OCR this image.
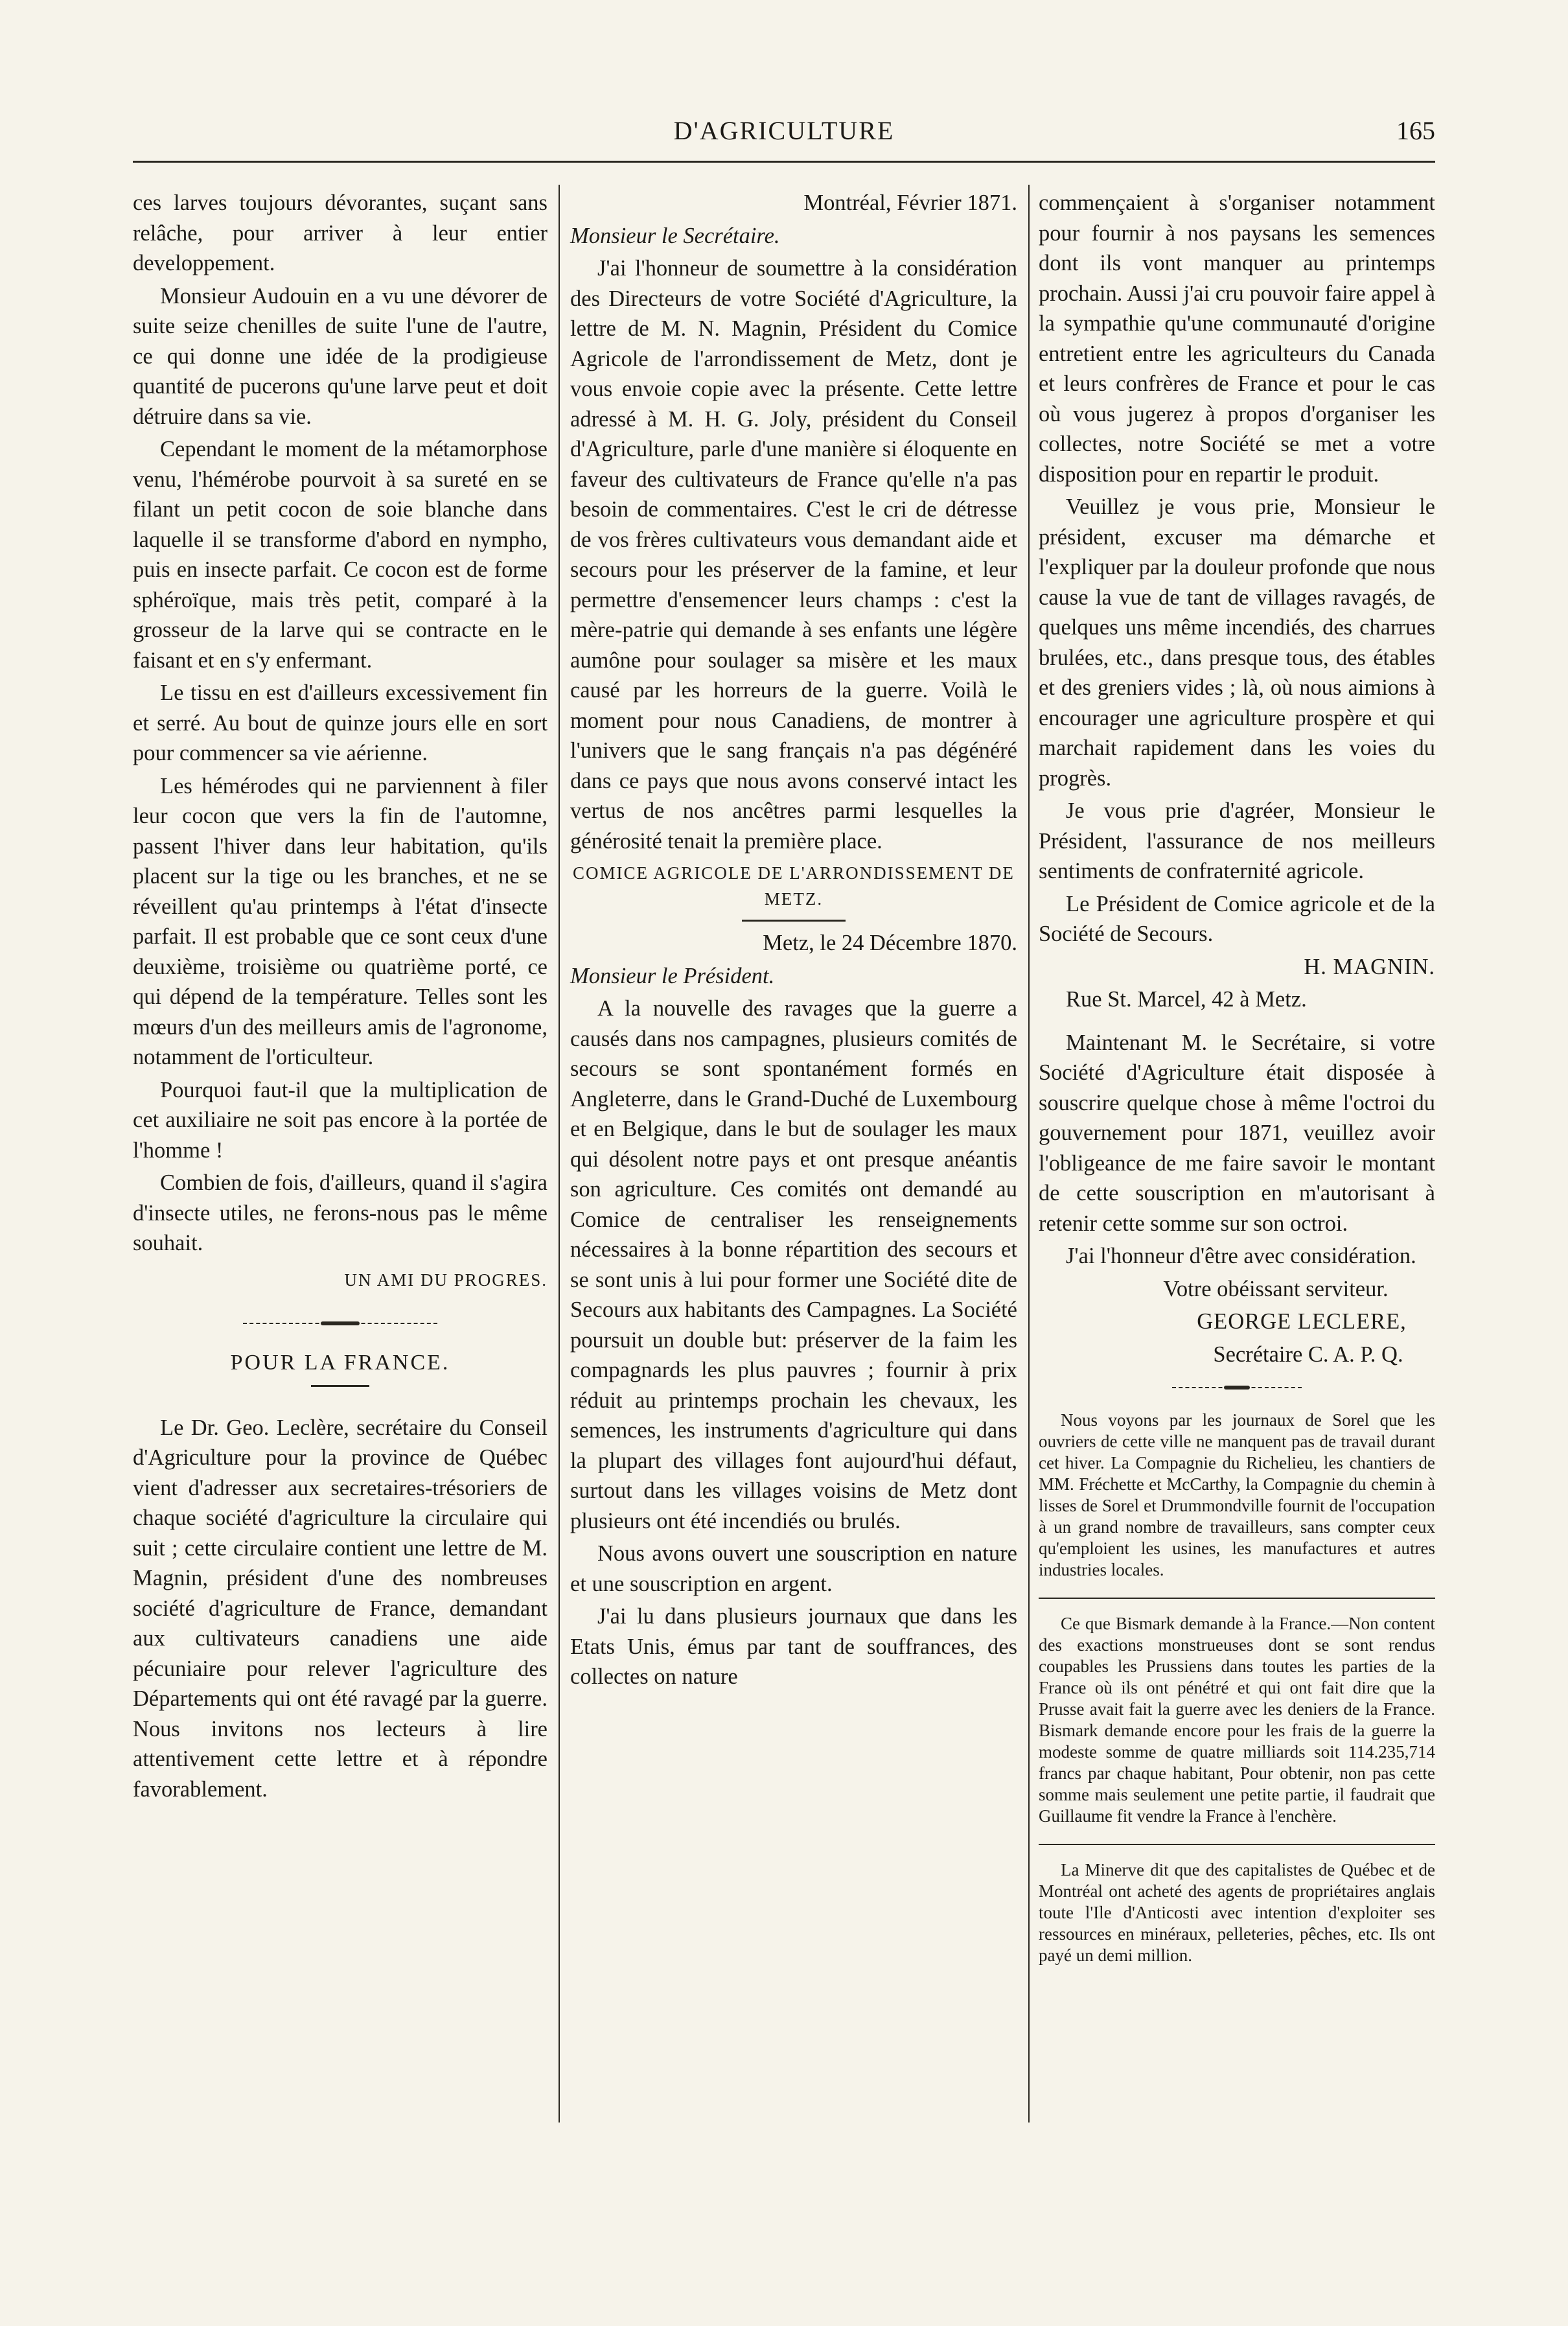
D'AGRICULTURE	165

ces larves toujours dévorantes, suçant sans relâche, pour arriver à leur entier developpement.

Monsieur Audouin en a vu une dévorer de suite seize chenilles de suite l'une de l'autre, ce qui donne une idée de la prodigieuse quantité de pucerons qu'une larve peut et doit détruire dans sa vie.

Cependant le moment de la métamorphose venu, l'hémérobe pourvoit à sa sureté en se filant un petit cocon de soie blanche dans laquelle il se transforme d'abord en nympho, puis en insecte parfait. Ce cocon est de forme sphéroïque, mais très petit, comparé à la grosseur de la larve qui se contracte en le faisant et en s'y enfermant.

Le tissu en est d'ailleurs excessivement fin et serré. Au bout de quinze jours elle en sort pour commencer sa vie aérienne.

Les hémérodes qui ne parviennent à filer leur cocon que vers la fin de l'automne, passent l'hiver dans leur habitation, qu'ils placent sur la tige ou les branches, et ne se réveillent qu'au printemps à l'état d'insecte parfait. Il est probable que ce sont ceux d'une deuxième, troisième ou quatrième porté, ce qui dépend de la température. Telles sont les mœurs d'un des meilleurs amis de l'agronome, notamment de l'orticulteur.

Pourquoi faut-il que la multiplication de cet auxiliaire ne soit pas encore à la portée de l'homme !

Combien de fois, d'ailleurs, quand il s'agira d'insecte utiles, ne ferons-nous pas le même souhait.

UN AMI DU PROGRES.

POUR LA FRANCE.

Le Dr. Geo. Leclère, secrétaire du Conseil d'Agriculture pour la province de Québec vient d'adresser aux secretaires-trésoriers de chaque société d'agriculture la circulaire qui suit ; cette circulaire contient une lettre de M. Magnin, président d'une des nombreuses société d'agriculture de France, demandant aux cultivateurs canadiens une aide pécuniaire pour relever l'agriculture des Départements qui ont été ravagé par la guerre. Nous invitons nos lecteurs à lire attentivement cette lettre et à répondre favorablement.

Montréal, Février 1871.

Monsieur le Secrétaire.

J'ai l'honneur de soumettre à la considération des Directeurs de votre Société d'Agriculture, la lettre de M. N. Magnin, Président du Comice Agricole de l'arrondissement de Metz, dont je vous envoie copie avec la présente. Cette lettre adressé à M. H. G. Joly, président du Conseil d'Agriculture, parle d'une manière si éloquente en faveur des cultivateurs de France qu'elle n'a pas besoin de commentaires. C'est le cri de détresse de vos frères cultivateurs vous demandant aide et secours pour les préserver de la famine, et leur permettre d'ensemencer leurs champs : c'est la mère-patrie qui demande à ses enfants une légère aumône pour soulager sa misère et les maux causé par les horreurs de la guerre. Voilà le moment pour nous Canadiens, de montrer à l'univers que le sang français n'a pas dégénéré dans ce pays que nous avons conservé intact les vertus de nos ancêtres parmi lesquelles la générosité tenait la première place.

COMICE AGRICOLE DE L'ARRONDISSEMENT DE METZ.

Metz, le 24 Décembre 1870.

Monsieur le Président.

A la nouvelle des ravages que la guerre a causés dans nos campagnes, plusieurs comités de secours se sont spontanément formés en Angleterre, dans le Grand-Duché de Luxembourg et en Belgique, dans le but de soulager les maux qui désolent notre pays et ont presque anéantis son agriculture. Ces comités ont demandé au Comice de centraliser les renseignements nécessaires à la bonne répartition des secours et se sont unis à lui pour former une Société dite de Secours aux habitants des Campagnes. La Société poursuit un double but: préserver de la faim les compagnards les plus pauvres ; fournir à prix réduit au printemps prochain les chevaux, les semences, les instruments d'agriculture qui dans la plupart des villages font aujourd'hui défaut, surtout dans les villages voisins de Metz dont plusieurs ont été incendiés ou brulés.

Nous avons ouvert une souscription en nature et une souscription en argent.

J'ai lu dans plusieurs journaux que dans les Etats Unis, émus par tant de souffrances, des collectes on nature

commençaient à s'organiser notamment pour fournir à nos paysans les semences dont ils vont manquer au printemps prochain. Aussi j'ai cru pouvoir faire appel à la sympathie qu'une communauté d'origine entretient entre les agriculteurs du Canada et leurs confrères de France et pour le cas où vous jugerez à propos d'organiser les collectes, notre Société se met a votre disposition pour en repartir le produit.

Veuillez je vous prie, Monsieur le président, excuser ma démarche et l'expliquer par la douleur profonde que nous cause la vue de tant de villages ravagés, de quelques uns même incendiés, des charrues brulées, etc., dans presque tous, des étables et des greniers vides ; là, où nous aimions à encourager une agriculture prospère et qui marchait rapidement dans les voies du progrès.

Je vous prie d'agréer, Monsieur le Président, l'assurance de nos meilleurs sentiments de confraternité agricole.

Le Président de Comice agricole et de la Société de Secours.

H. MAGNIN.

Rue St. Marcel, 42 à Metz.

Maintenant M. le Secrétaire, si votre Société d'Agriculture était disposée à souscrire quelque chose à même l'octroi du gouvernement pour 1871, veuillez avoir l'obligeance de me faire savoir le montant de cette souscription en m'autorisant à retenir cette somme sur son octroi.

J'ai l'honneur d'être avec considération.

Votre obéissant serviteur.

GEORGE LECLERE,

Secrétaire C. A. P. Q.

Nous voyons par les journaux de Sorel que les ouvriers de cette ville ne manquent pas de travail durant cet hiver. La Compagnie du Richelieu, les chantiers de MM. Fréchette et McCarthy, la Compagnie du chemin à lisses de Sorel et Drummondville fournit de l'occupation à un grand nombre de travailleurs, sans compter ceux qu'emploient les usines, les manufactures et autres industries locales.

Ce que Bismark demande à la France.—Non content des exactions monstrueuses dont se sont rendus coupables les Prussiens dans toutes les parties de la France où ils ont pénétré et qui ont fait dire que la Prusse avait fait la guerre avec les deniers de la France. Bismark demande encore pour les frais de la guerre la modeste somme de quatre milliards soit 114.235,714 francs par chaque habitant, Pour obtenir, non pas cette somme mais seulement une petite partie, il faudrait que Guillaume fit vendre la France à l'enchère.

La Minerve dit que des capitalistes de Québec et de Montréal ont acheté des agents de propriétaires anglais toute l'Ile d'Anticosti avec intention d'exploiter ses ressources en minéraux, pelleteries, pêches, etc. Ils ont payé un demi million.
